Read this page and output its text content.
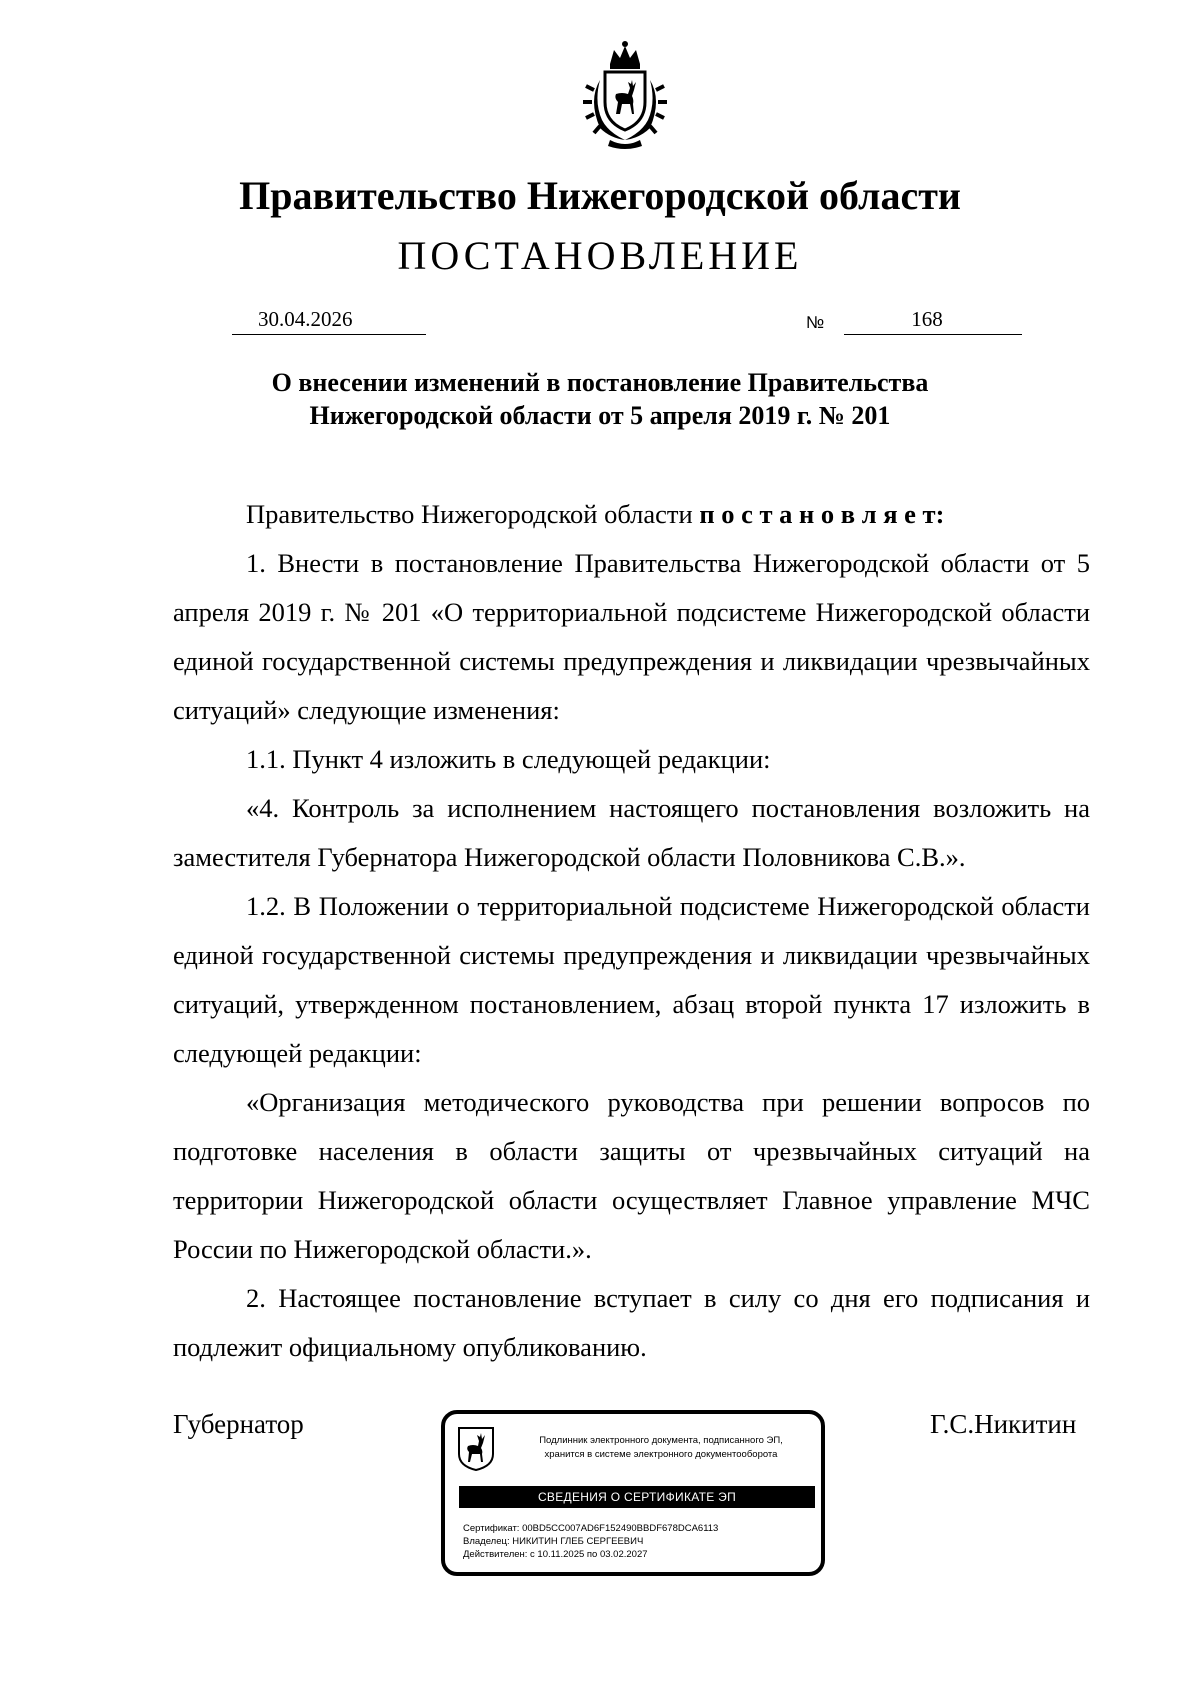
Правительство Нижегородской области
ПОСТАНОВЛЕНИЕ
30.04.2026	№	168
О внесении изменений в постановление Правительства
Нижегородской области от 5 апреля 2019 г. № 201

Правительство Нижегородской области п о с т а н о в л я е т:

1. Внести в постановление Правительства Нижегородской области от 5 апреля 2019 г. № 201 «О территориальной подсистеме Нижегородской области единой государственной системы предупреждения и ликвидации чрезвычайных ситуаций» следующие изменения:

1.1. Пункт 4 изложить в следующей редакции:

«4. Контроль за исполнением настоящего постановления возложить на заместителя Губернатора Нижегородской области Половникова С.В.».

1.2. В Положении о территориальной подсистеме Нижегородской области единой государственной системы предупреждения и ликвидации чрезвычайных ситуаций, утвержденном постановлением, абзац второй пункта 17 изложить в следующей редакции:

«Организация методического руководства при решении вопросов по подготовке населения в области защиты от чрезвычайных ситуаций на территории Нижегородской области осуществляет Главное управление МЧС России по Нижегородской области.».

2. Настоящее постановление вступает в силу со дня его подписания и подлежит официальному опубликованию.

Губернатор	Г.С.Никитин
Подлинник электронного документа, подписанного ЭП,
хранится в системе электронного документооборота
СВЕДЕНИЯ О СЕРТИФИКАТЕ ЭП
Сертификат: 00BD5CC007AD6F152490BBDF678DCA6113
Владелец: НИКИТИН ГЛЕБ СЕРГЕЕВИЧ
Действителен: с 10.11.2025 по 03.02.2027
